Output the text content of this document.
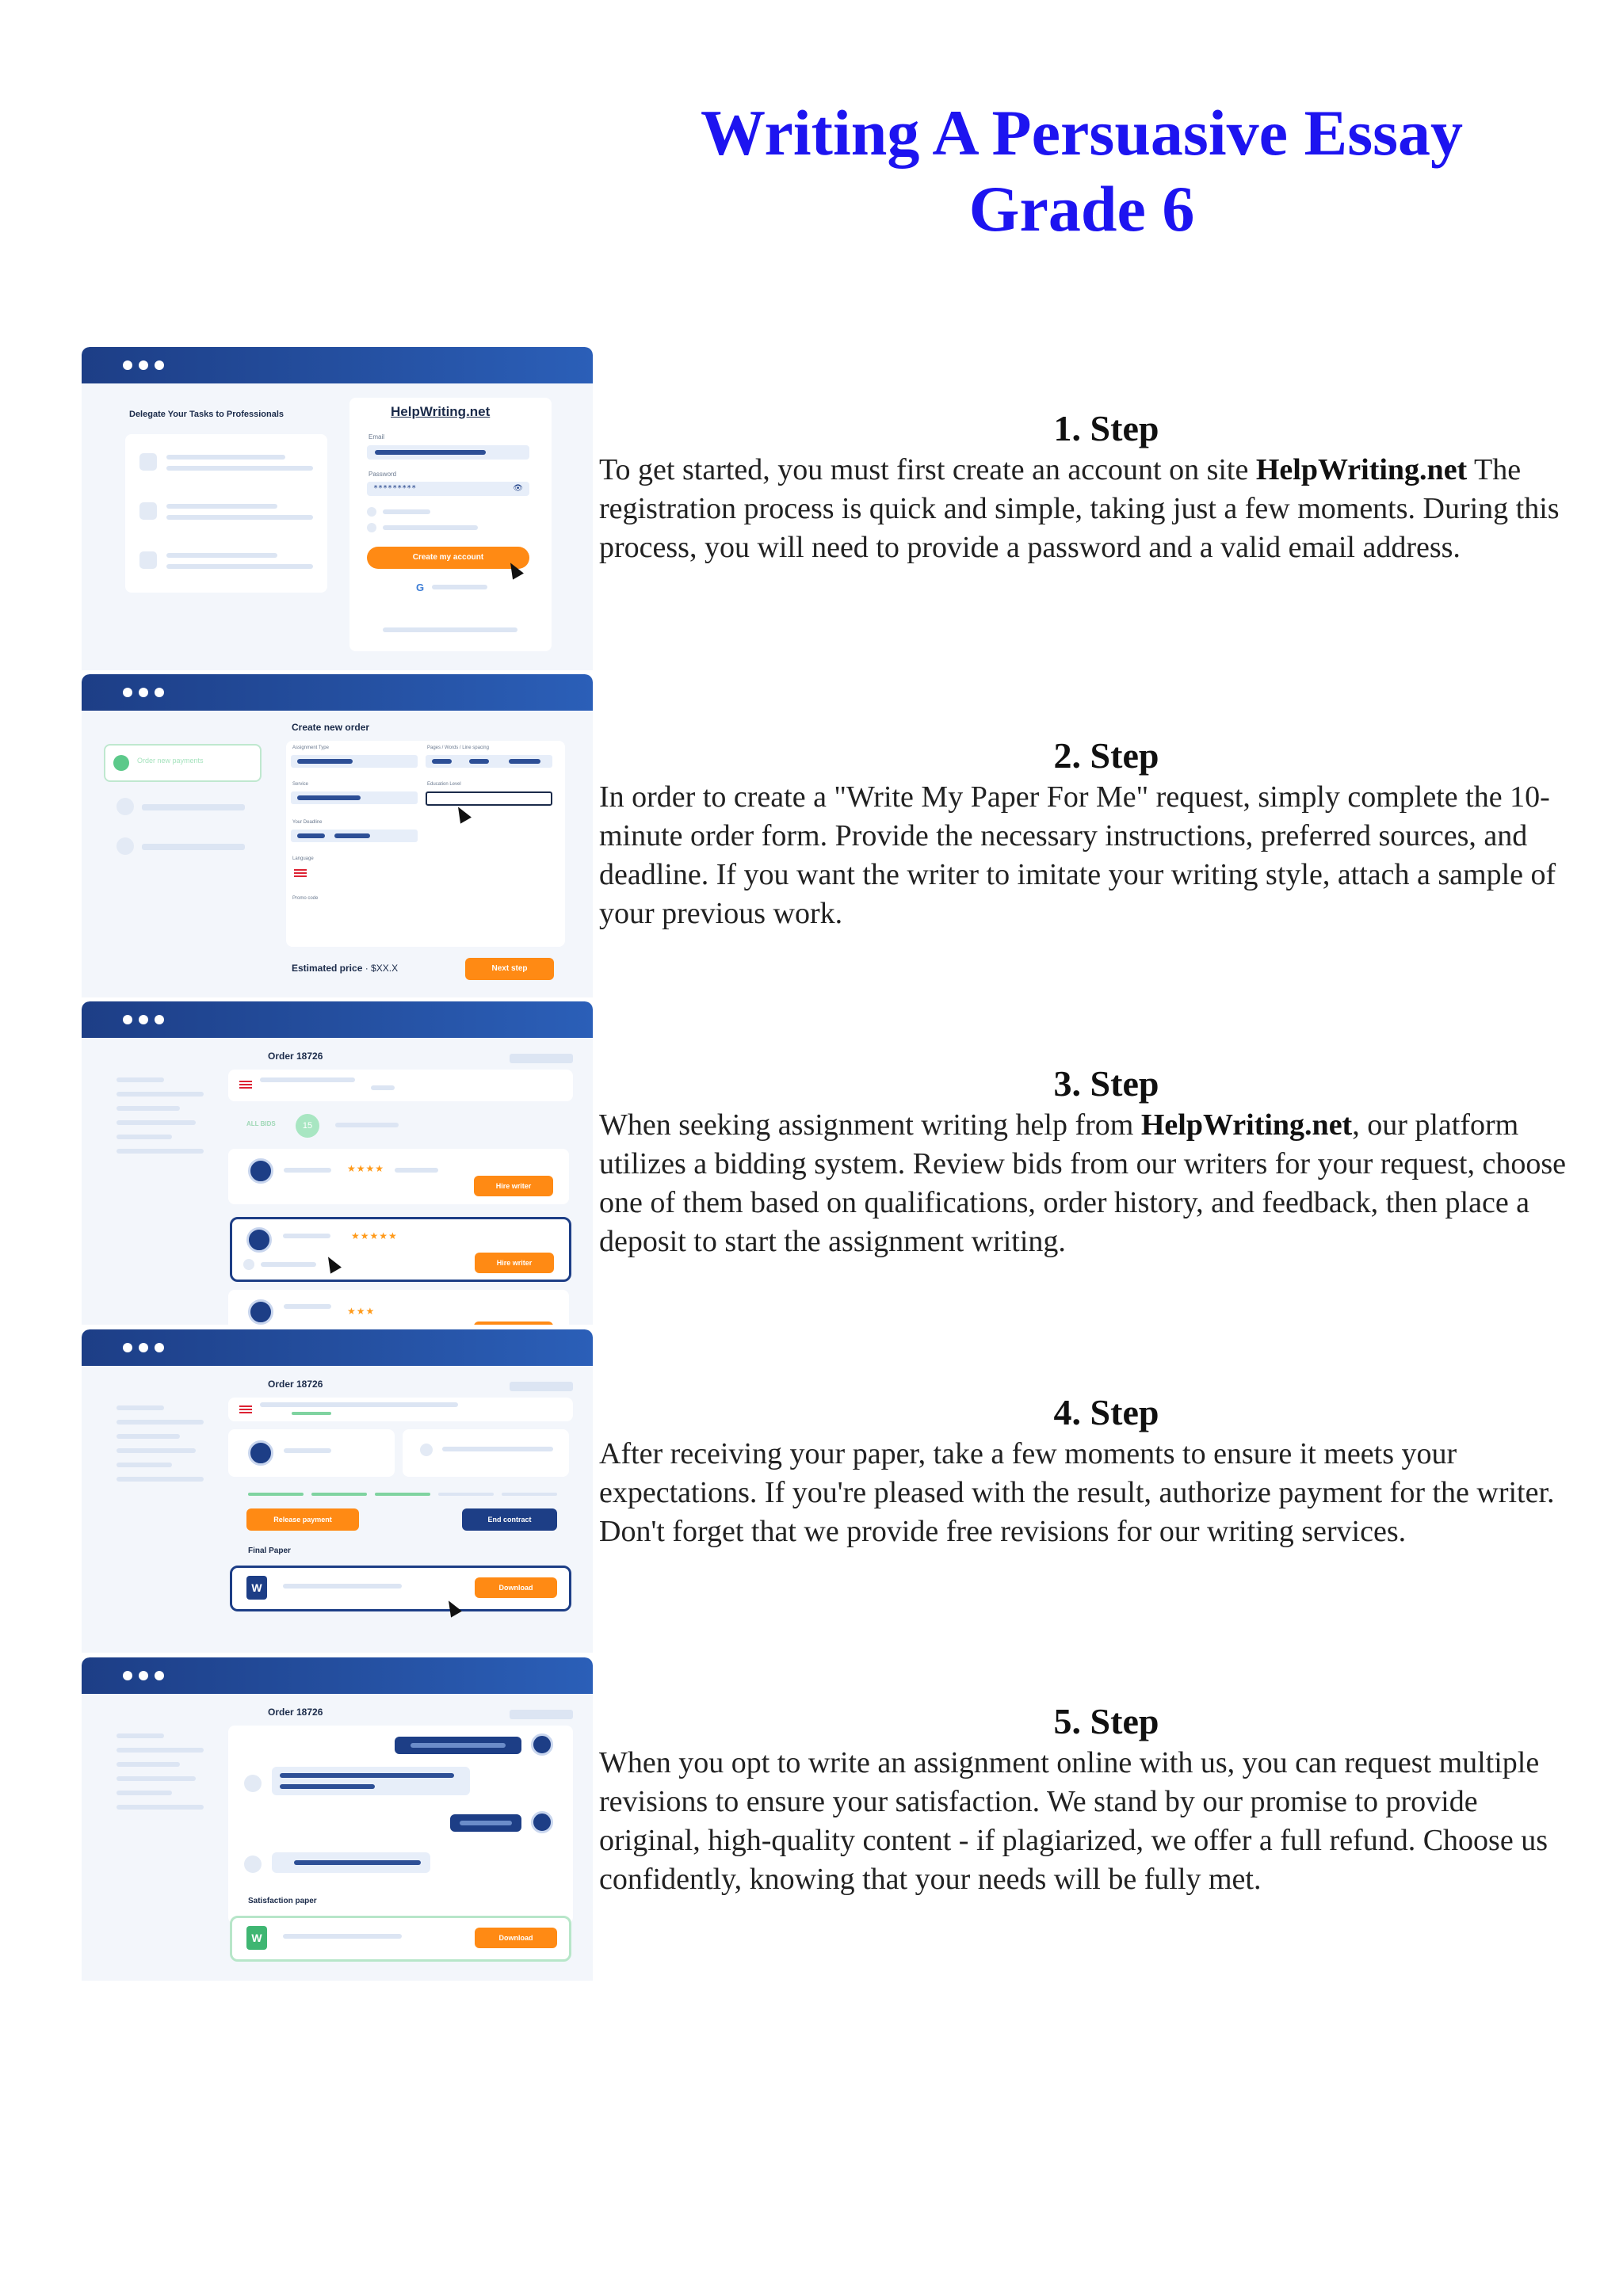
Writing A Persuasive Essay
Grade 6
Delegate Your Tasks to Professionals	HelpWriting.net
Email
Password
*********	👁
Create my account
G
Order new payments
Create new order
Assignment Type	Pages / Words / Line spacing
Service	Education Level
Your Deadline
Language
Promo code
Estimated price · $XX.X	Next step
Order 18726
ALL BIDS	15
★★★★
Hire writer
★★★★★
Hire writer
★★★
Order 18726
Release payment	End contract
Final Paper
W	Download
Order 18726
Satisfaction paper
W	Download
1. Step

To get started, you must first create an account on site HelpWriting.net The registration process is quick and simple, taking just a few moments. During this process, you will need to provide a password and a valid email address.

2. Step

In order to create a "Write My Paper For Me" request, simply complete the 10-minute order form. Provide the necessary instructions, preferred sources, and deadline. If you want the writer to imitate your writing style, attach a sample of your previous work.

3. Step

When seeking assignment writing help from HelpWriting.net, our platform utilizes a bidding system. Review bids from our writers for your request, choose one of them based on qualifications, order history, and feedback, then place a deposit to start the assignment writing.

4. Step

After receiving your paper, take a few moments to ensure it meets your expectations. If you're pleased with the result, authorize payment for the writer. Don't forget that we provide free revisions for our writing services.

5. Step

When you opt to write an assignment online with us, you can request multiple revisions to ensure your satisfaction. We stand by our promise to provide original, high-quality content - if plagiarized, we offer a full refund. Choose us confidently, knowing that your needs will be fully met.
